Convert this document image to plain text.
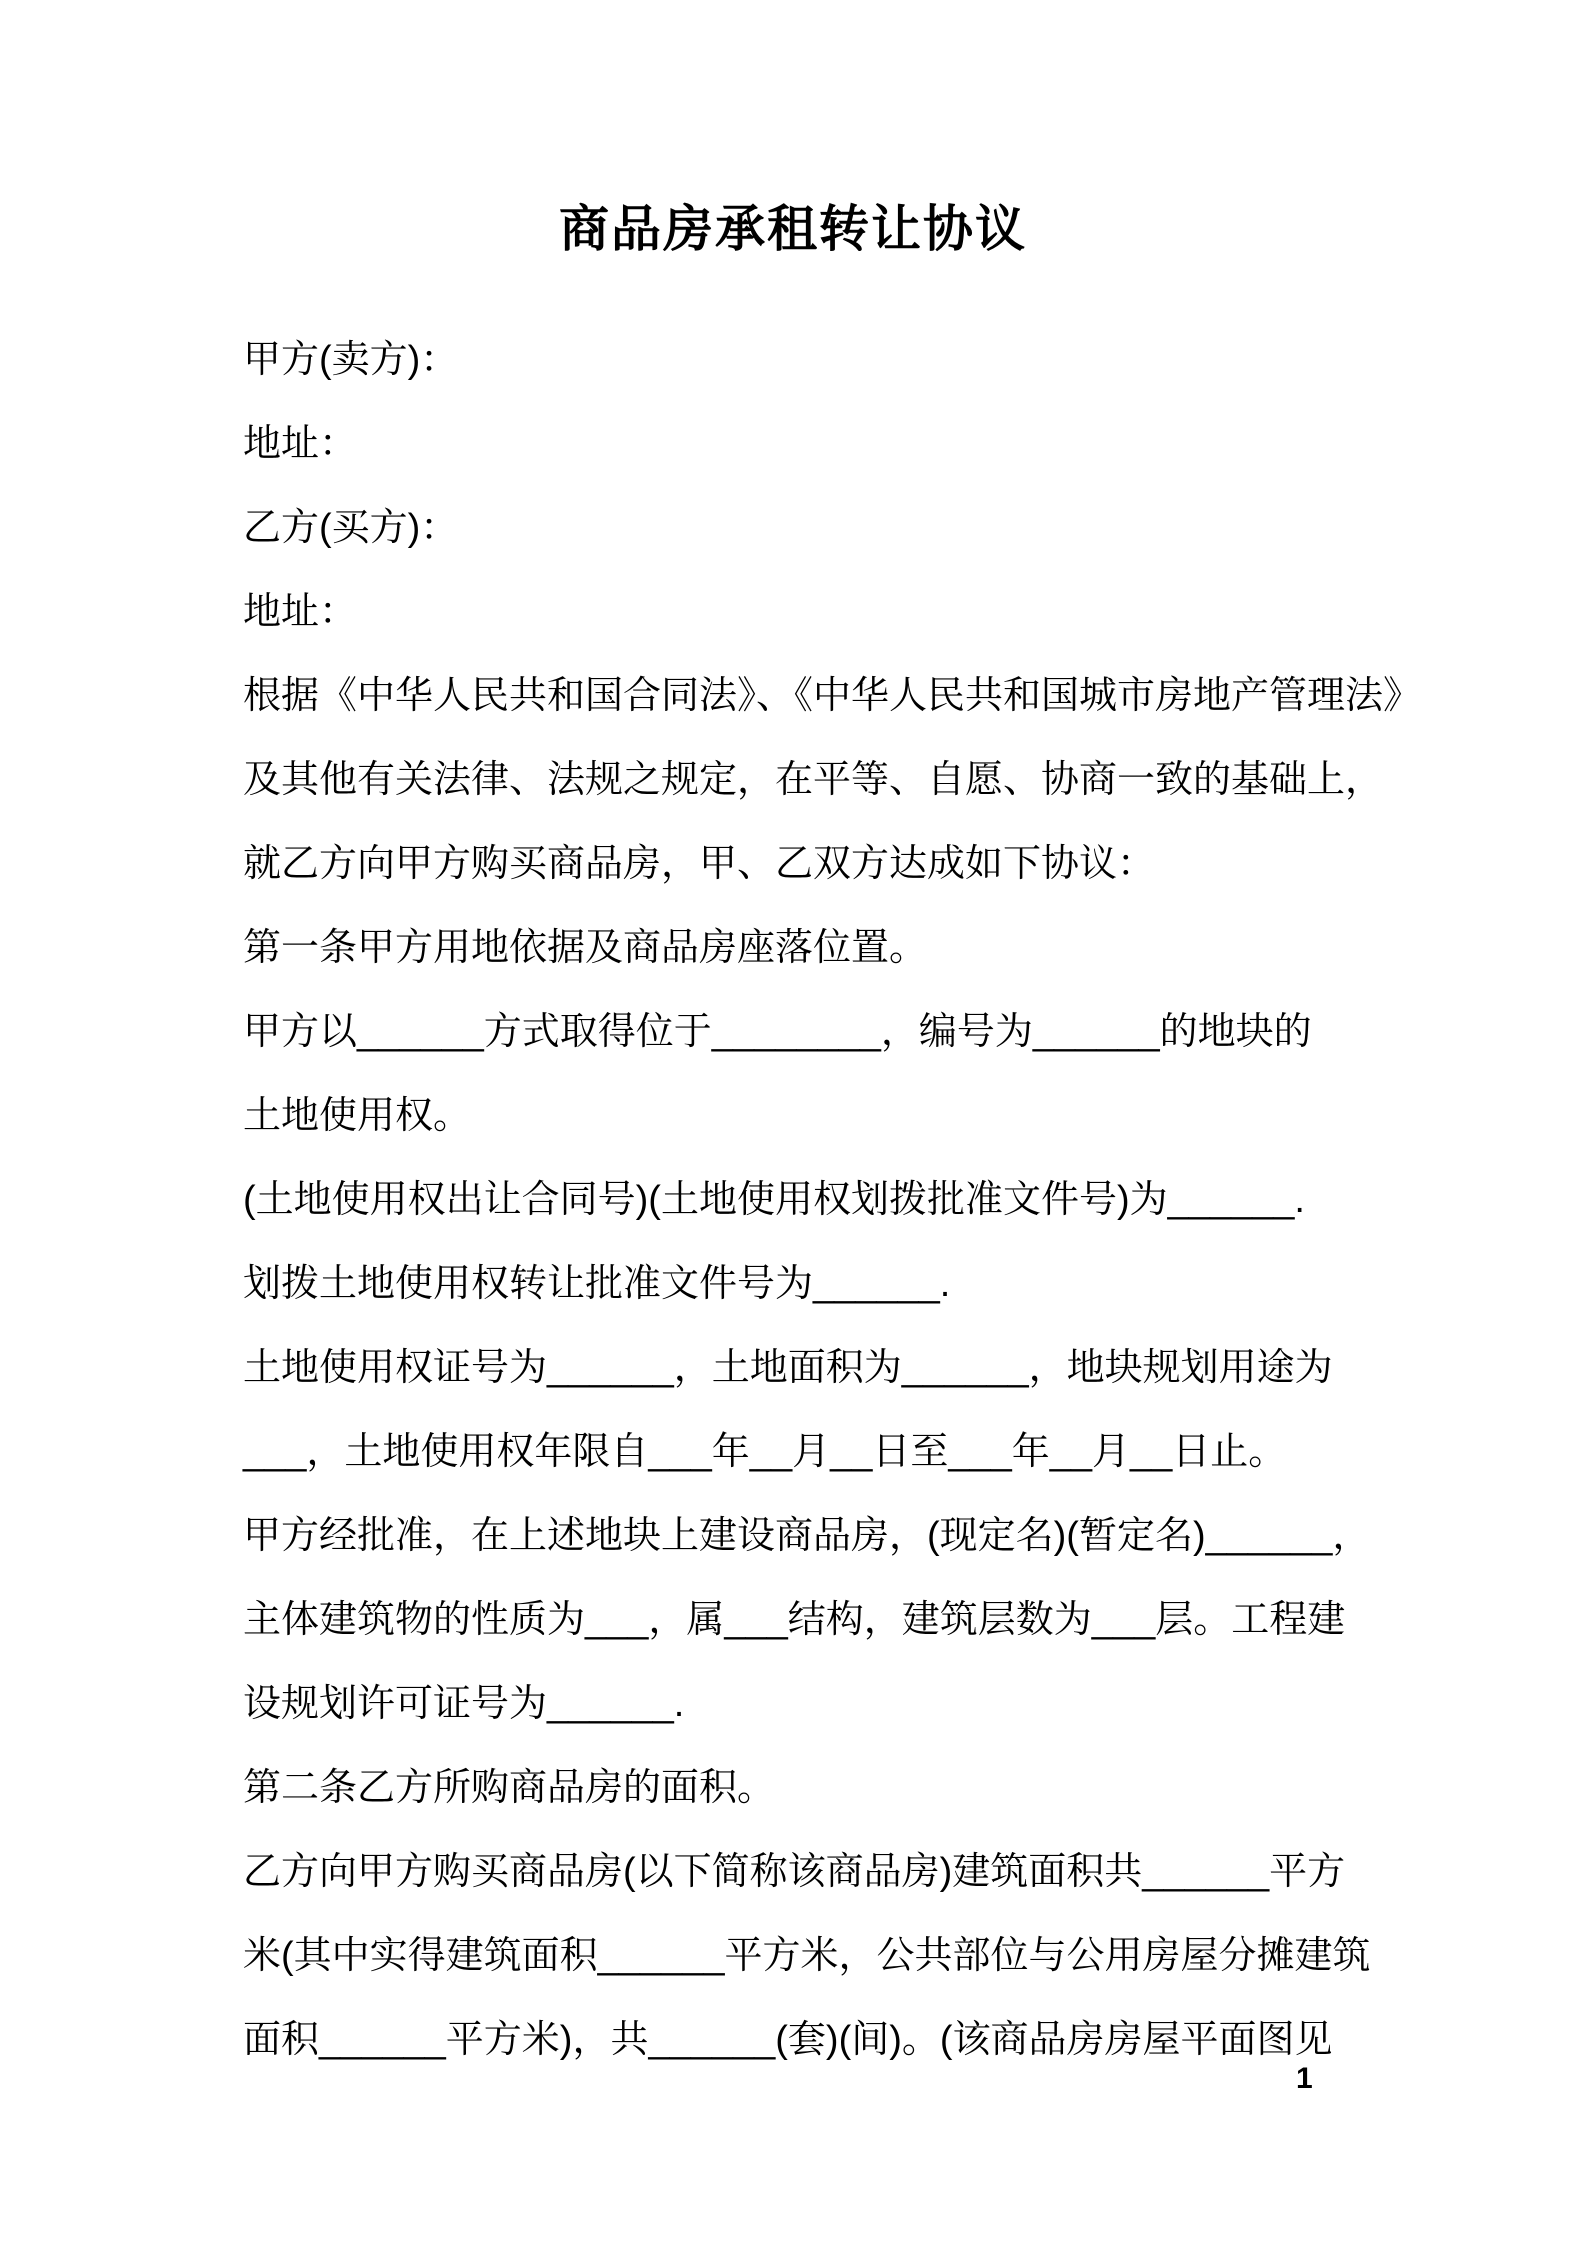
商品房承租转让协议
甲方(卖方)：
地址：
乙方(买方)：
地址：
根据《中华人民共和国合同法》、《中华人民共和国城市房地产管理法》
及其他有关法律、法规之规定，在平等、自愿、协商一致的基础上，
就乙方向甲方购买商品房，甲、乙双方达成如下协议：
第一条甲方用地依据及商品房座落位置。
甲方以______方式取得位于________，编号为______的地块的
土地使用权。
(土地使用权出让合同号)(土地使用权划拨批准文件号)为______.
划拨土地使用权转让批准文件号为______.
土地使用权证号为______，土地面积为______，地块规划用途为
___，土地使用权年限自___年__月__日至___年__月__日止。
甲方经批准，在上述地块上建设商品房，(现定名)(暂定名)______，
主体建筑物的性质为___，属___结构，建筑层数为___层。工程建
设规划许可证号为______.
第二条乙方所购商品房的面积。
乙方向甲方购买商品房(以下简称该商品房)建筑面积共______平方
米(其中实得建筑面积______平方米，公共部位与公用房屋分摊建筑
面积______平方米)，共______(套)(间)。(该商品房房屋平面图见
1
